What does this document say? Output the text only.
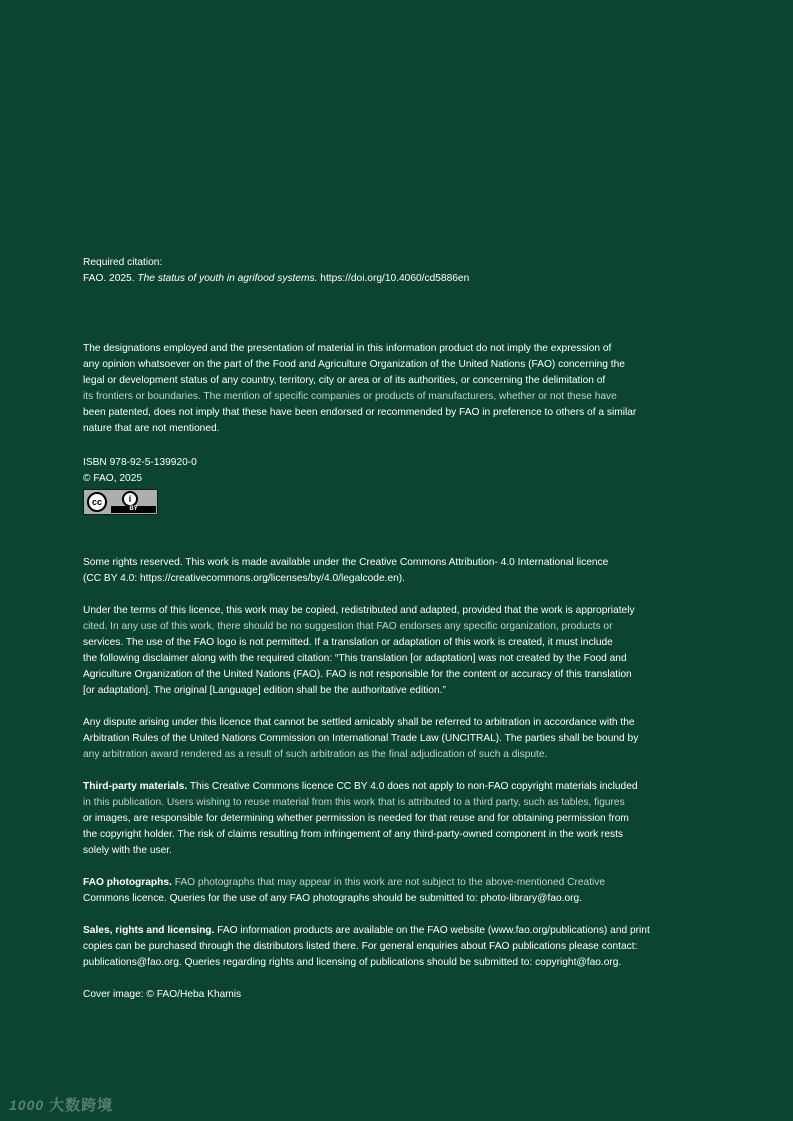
Required citation:

FAO. 2025. The status of youth in agrifood systems. https://doi.org/10.4060/cd5886en

The designations employed and the presentation of material in this information product do not imply the expression of

any opinion whatsoever on the part of the Food and Agriculture Organization of the United Nations (FAO) concerning the

legal or development status of any country, territory, city or area or of its authorities, or concerning the delimitation of

its frontiers or boundaries. The mention of specific companies or products of manufacturers, whether or not these have

been patented, does not imply that these have been endorsed or recommended by FAO in preference to others of a similar

nature that are not mentioned.

ISBN 978-92-5-139920-0

© FAO, 2025

cc	i
BY

Some rights reserved. This work is made available under the Creative Commons Attribution- 4.0 International licence

(CC BY 4.0: https://creativecommons.org/licenses/by/4.0/legalcode.en).

Under the terms of this licence, this work may be copied, redistributed and adapted, provided that the work is appropriately

cited. In any use of this work, there should be no suggestion that FAO endorses any specific organization, products or

services. The use of the FAO logo is not permitted. If a translation or adaptation of this work is created, it must include

the following disclaimer along with the required citation: “This translation [or adaptation] was not created by the Food and

Agriculture Organization of the United Nations (FAO). FAO is not responsible for the content or accuracy of this translation

[or adaptation]. The original [Language] edition shall be the authoritative edition.”

Any dispute arising under this licence that cannot be settled amicably shall be referred to arbitration in accordance with the

Arbitration Rules of the United Nations Commission on International Trade Law (UNCITRAL). The parties shall be bound by

any arbitration award rendered as a result of such arbitration as the final adjudication of such a dispute.

Third-party materials. This Creative Commons licence CC BY 4.0 does not apply to non-FAO copyright materials included

in this publication. Users wishing to reuse material from this work that is attributed to a third party, such as tables, figures

or images, are responsible for determining whether permission is needed for that reuse and for obtaining permission from

the copyright holder. The risk of claims resulting from infringement of any third-party-owned component in the work rests

solely with the user.

FAO photographs. FAO photographs that may appear in this work are not subject to the above-mentioned Creative

Commons licence. Queries for the use of any FAO photographs should be submitted to: photo-library@fao.org.

Sales, rights and licensing. FAO information products are available on the FAO website (www.fao.org/publications) and print

copies can be purchased through the distributors listed there. For general enquiries about FAO publications please contact:

publications@fao.org. Queries regarding rights and licensing of publications should be submitted to: copyright@fao.org.

Cover image: © FAO/Heba Khamis

1000 大数跨境
